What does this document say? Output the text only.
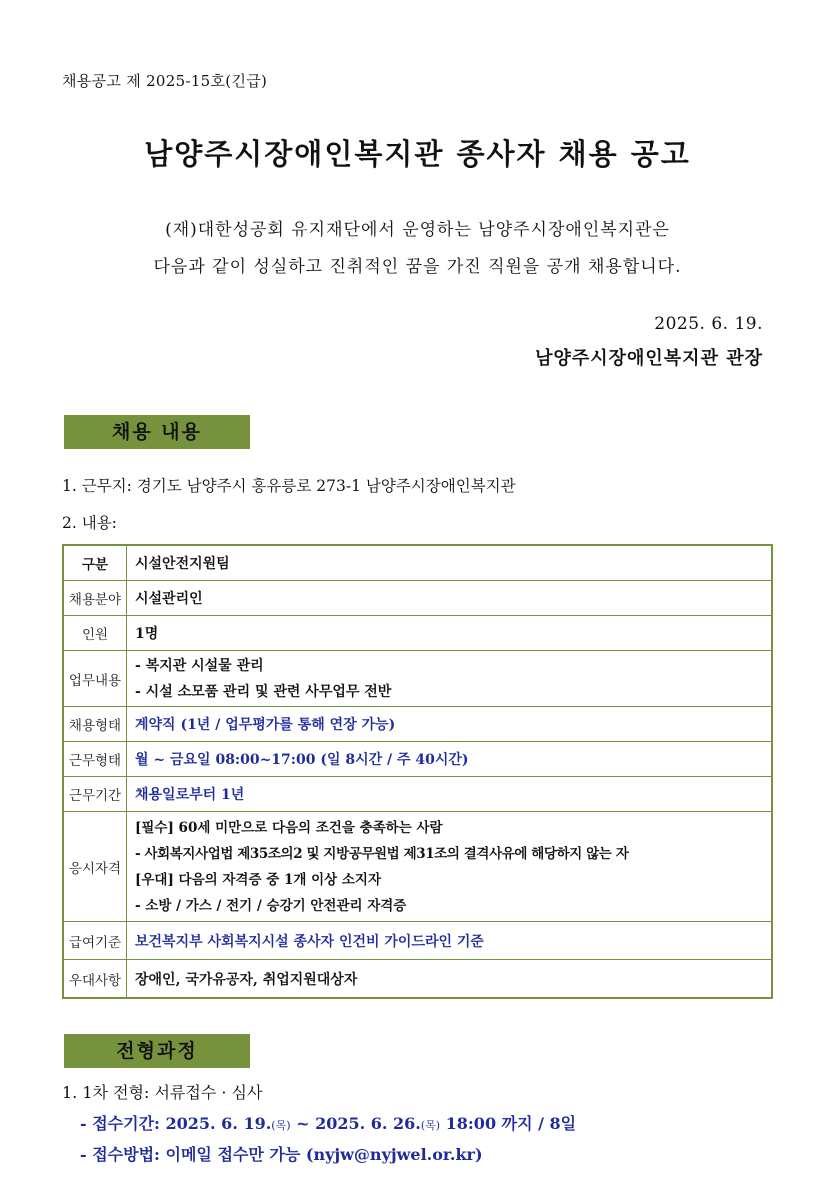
채용공고 제 2025-15호(긴급)
남양주시장애인복지관 종사자 채용 공고
(재)대한성공회 유지재단에서 운영하는 남양주시장애인복지관은
다음과 같이 성실하고 진취적인 꿈을 가진 직원을 공개 채용합니다.
2025. 6. 19.
남양주시장애인복지관 관장
채용 내용
1. 근무지: 경기도 남양주시 홍유릉로 273-1 남양주시장애인복지관
2. 내용:
구분	시설안전지원팀
채용분야	시설관리인
인원	1명
업무내용	- 복지관 시설물 관리
- 시설 소모품 관리 및 관련 사무업무 전반

채용형태	계약직 (1년 / 업무평가를 통해 연장 가능)
근무형태	월 ~ 금요일 08:00~17:00 (일 8시간 / 주 40시간)
근무기간	채용일로부터 1년
응시자격	[필수] 60세 미만으로 다음의 조건을 충족하는 사람
- 사회복지사업법 제35조의2 및 지방공무원법 제31조의 결격사유에 해당하지 않는 자
[우대] 다음의 자격증 중 1개 이상 소지자
- 소방 / 가스 / 전기 / 승강기 안전관리 자격증

급여기준	보건복지부 사회복지시설 종사자 인건비 가이드라인 기준
우대사항	장애인, 국가유공자, 취업지원대상자
전형과정
1. 1차 전형: 서류접수 · 심사
- 접수기간: 2025. 6. 19.(목) ~ 2025. 6. 26.(목) 18:00 까지 / 8일
- 접수방법: 이메일 접수만 가능 (nyjw@nyjwel.or.kr)
